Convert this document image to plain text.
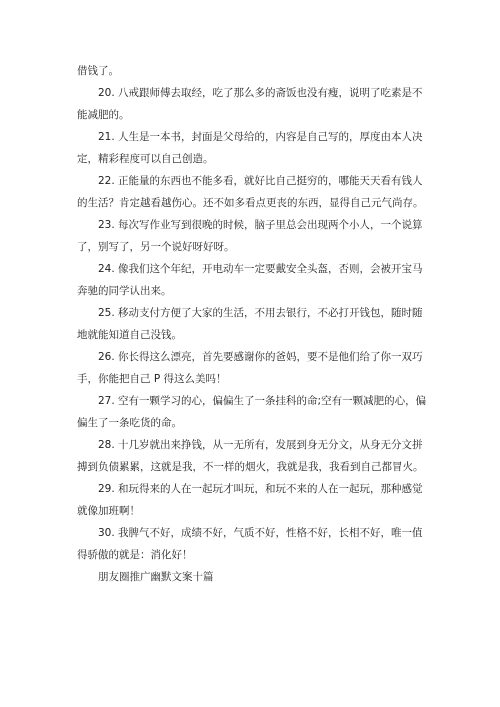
借钱了。

20. 八戒跟师傅去取经，吃了那么多的斋饭也没有瘦，说明了吃素是不能减肥的。

21. 人生是一本书，封面是父母给的，内容是自己写的，厚度由本人决定，精彩程度可以自己创造。

22. 正能量的东西也不能多看，就好比自己挺穷的，哪能天天看有钱人的生活？肯定越看越伤心。还不如多看点更丧的东西，显得自己元气尚存。

23. 每次写作业写到很晚的时候，脑子里总会出现两个小人，一个说算了，别写了，另一个说好呀好呀。

24. 像我们这个年纪，开电动车一定要戴安全头盔，否则，会被开宝马奔驰的同学认出来。

25. 移动支付方便了大家的生活，不用去银行，不必打开钱包，随时随地就能知道自己没钱。

26. 你长得这么漂亮，首先要感谢你的爸妈，要不是他们给了你一双巧手，你能把自己 P 得这么美吗！

27. 空有一颗学习的心，偏偏生了一条挂科的命;空有一颗减肥的心，偏偏生了一条吃货的命。

28. 十几岁就出来挣钱，从一无所有，发展到身无分文，从身无分文拼搏到负债累累，这就是我，不一样的烟火，我就是我，我看到自己都冒火。

29. 和玩得来的人在一起玩才叫玩，和玩不来的人在一起玩，那种感觉就像加班啊！

30. 我脾气不好，成绩不好，气质不好，性格不好，长相不好，唯一值得骄傲的就是：消化好！

朋友圈推广幽默文案十篇
